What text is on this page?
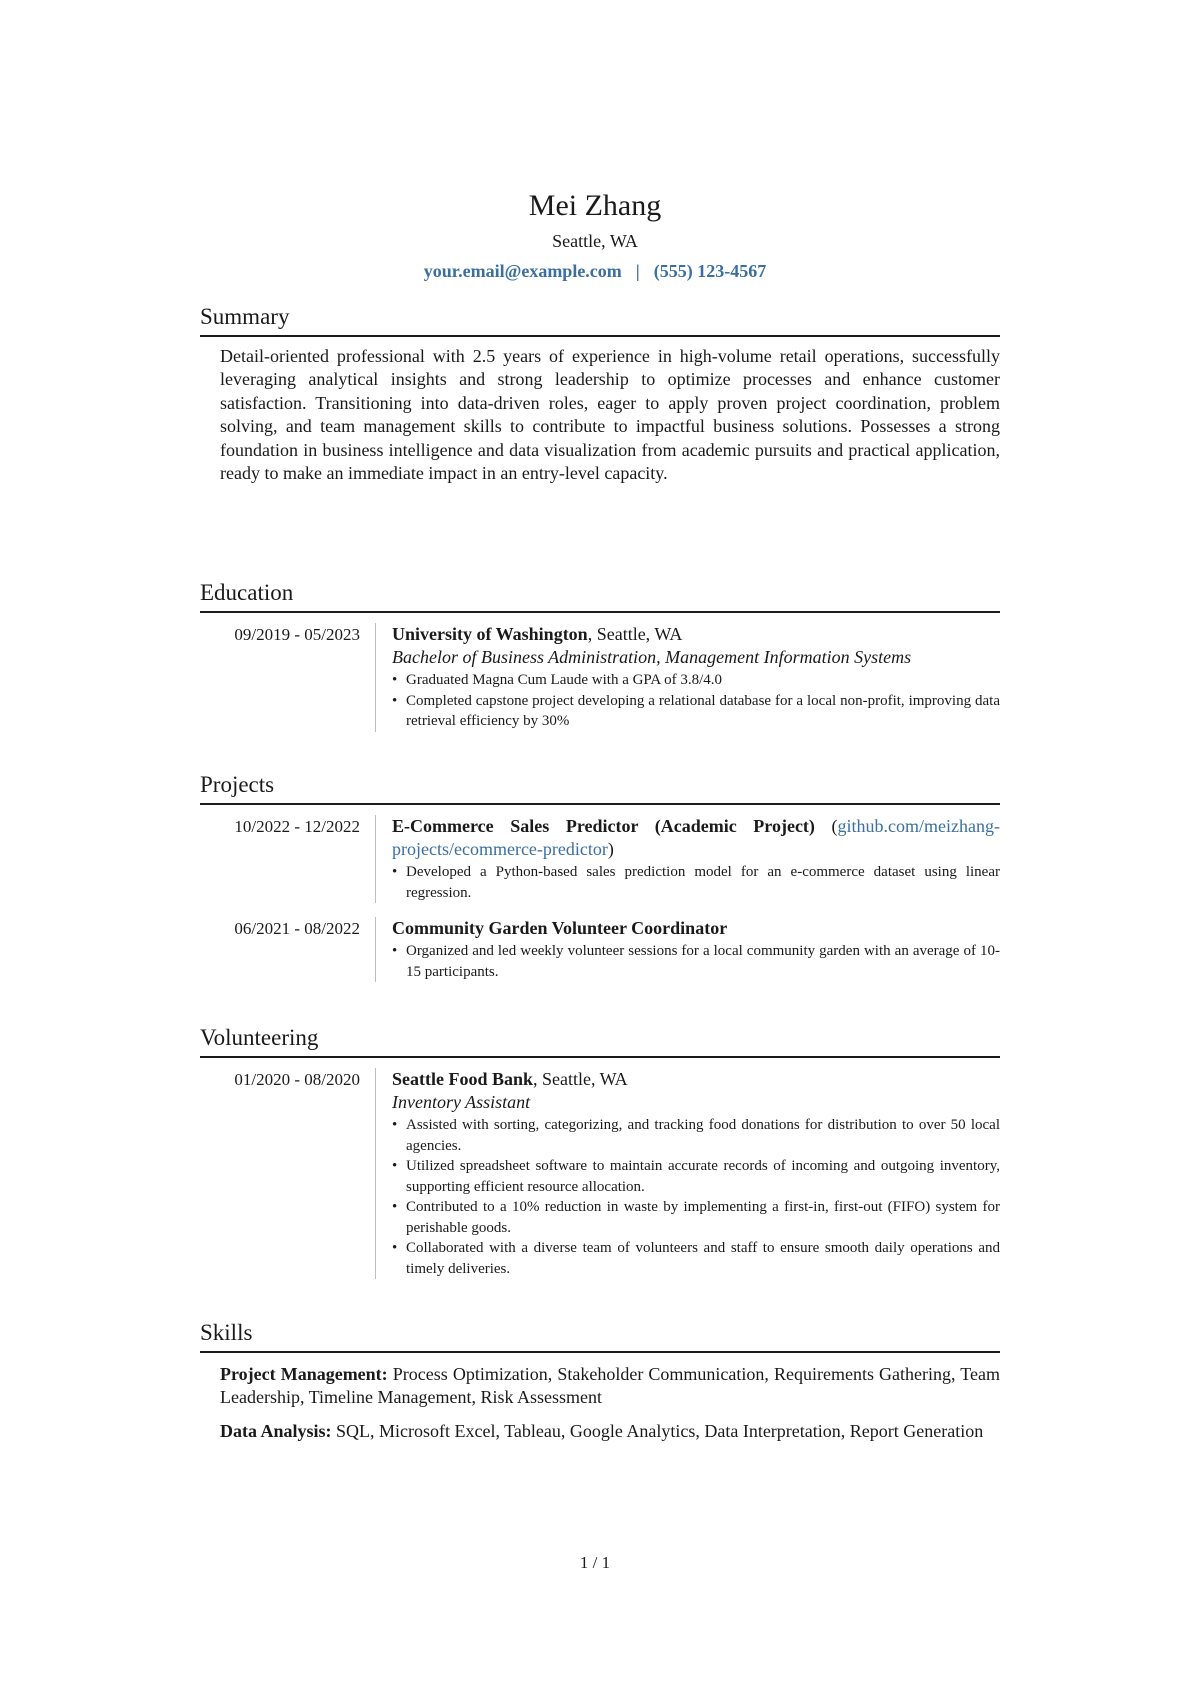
Mei Zhang
Seattle, WA
your.email@example.com | (555) 123-4567
Summary

Detail-oriented professional with 2.5 years of experience in high-volume retail operations, successfully leveraging analytical insights and strong leadership to optimize processes and enhance customer satisfaction. Transitioning into data-driven roles, eager to apply proven project coordination, problem solving, and team management skills to contribute to impactful business solutions. Possesses a strong foundation in business intelligence and data visualization from academic pursuits and practical application, ready to make an immediate impact in an entry-level capacity.

Education
09/2019 - 05/2023	University of Washington, Seattle, WA
Bachelor of Business Administration, Management Information Systems
• Graduated Magna Cum Laude with a GPA of 3.8/4.0
• Completed capstone project developing a relational database for a local non-profit, improving data retrieval efficiency by 30%
Projects
10/2022 - 12/2022	E-Commerce Sales Predictor (Academic Project) (github.com/meizhang-projects/ecommerce-predictor)
• Developed a Python-based sales prediction model for an e-commerce dataset using linear regression.
06/2021 - 08/2022	Community Garden Volunteer Coordinator
• Organized and led weekly volunteer sessions for a local community garden with an average of 10-15 participants.
Volunteering
01/2020 - 08/2020	Seattle Food Bank, Seattle, WA
Inventory Assistant
• Assisted with sorting, categorizing, and tracking food donations for distribution to over 50 local agencies.
• Utilized spreadsheet software to maintain accurate records of incoming and outgoing inventory, supporting efficient resource allocation.
• Contributed to a 10% reduction in waste by implementing a first-in, first-out (FIFO) system for perishable goods.
• Collaborated with a diverse team of volunteers and staff to ensure smooth daily operations and timely deliveries.
Skills

Project Management: Process Optimization, Stakeholder Communication, Requirements Gathering, Team Leadership, Timeline Management, Risk Assessment

Data Analysis: SQL, Microsoft Excel, Tableau, Google Analytics, Data Interpretation, Report Generation

1 / 1
